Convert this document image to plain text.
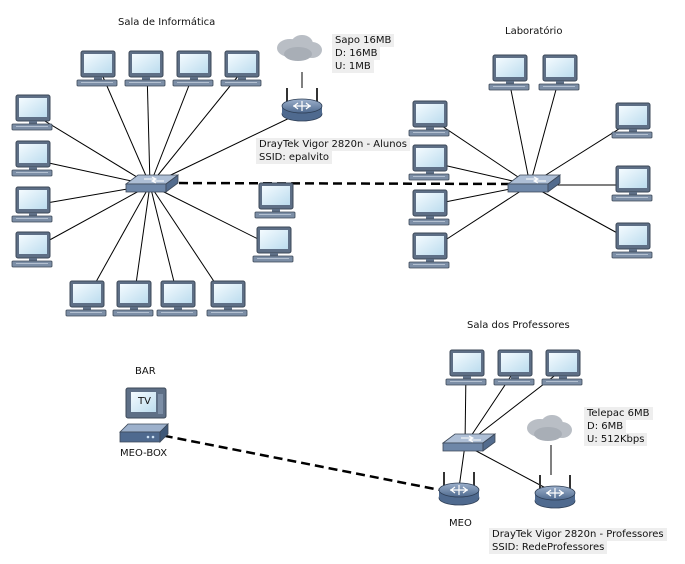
Sala de Informática
Laboratório
Sala dos Professores
BAR
Sapo 16MB
D: 16MB
U: 1MB
DrayTek Vigor 2820n - Alunos
SSID: epalvito
Telepac 6MB
D: 6MB
U: 512Kbps
TV
MEO-BOX
MEO
DrayTek Vigor 2820n - Professores
SSID: RedeProfessores
